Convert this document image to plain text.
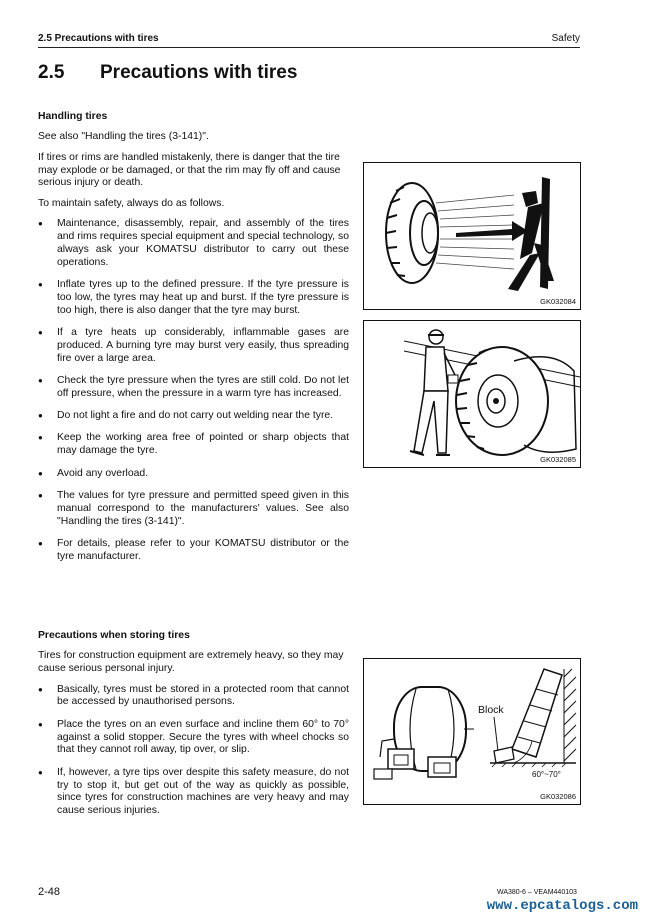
2.5 Precautions with tires	Safety
2.5 Precautions with tires

Handling tires

See also "Handling the tires (3-141)".

If tires or rims are handled mistakenly, there is danger that the tire may explode or be damaged, or that the rim may fly off and cause serious injury or death.

To maintain safety, always do as follows.

● Maintenance, disassembly, repair, and assembly of the tires and rims requires special equipment and special technology, so always ask your KOMATSU distributor to carry out these operations.
● Inflate tyres up to the defined pressure. If the tyre pressure is too low, the tyres may heat up and burst. If the tyre pressure is too high, there is also danger that the tyre may burst.
● If a tyre heats up considerably, inflammable gases are produced. A burning tyre may burst very easily, thus spreading fire over a large area.
● Check the tyre pressure when the tyres are still cold. Do not let off pressure, when the pressure in a warm tyre has increased.
● Do not light a fire and do not carry out welding near the tyre.
● Keep the working area free of pointed or sharp objects that may damage the tyre.
● Avoid any overload.
● The values for tyre pressure and permitted speed given in this manual correspond to the manufacturers' values. See also "Handling the tires (3-141)".
● For details, please refer to your KOMATSU distributor or the tyre manufacturer.

Precautions when storing tires

Tires for construction equipment are extremely heavy, so they may cause serious personal injury.

● Basically, tyres must be stored in a protected room that cannot be accessed by unauthorised persons.
● Place the tyres on an even surface and incline them 60° to 70° against a solid stopper. Secure the tyres with wheel chocks so that they cannot roll away, tip over, or slip.
● If, however, a tyre tips over despite this safety measure, do not try to stop it, but get out of the way as quickly as possible, since tyres for construction machines are very heavy and may cause serious injuries.
GK032084
GK032085
Block
60°~70°
GK032086
2-48	WA380-6 – VEAM440103
www.epcatalogs.com
